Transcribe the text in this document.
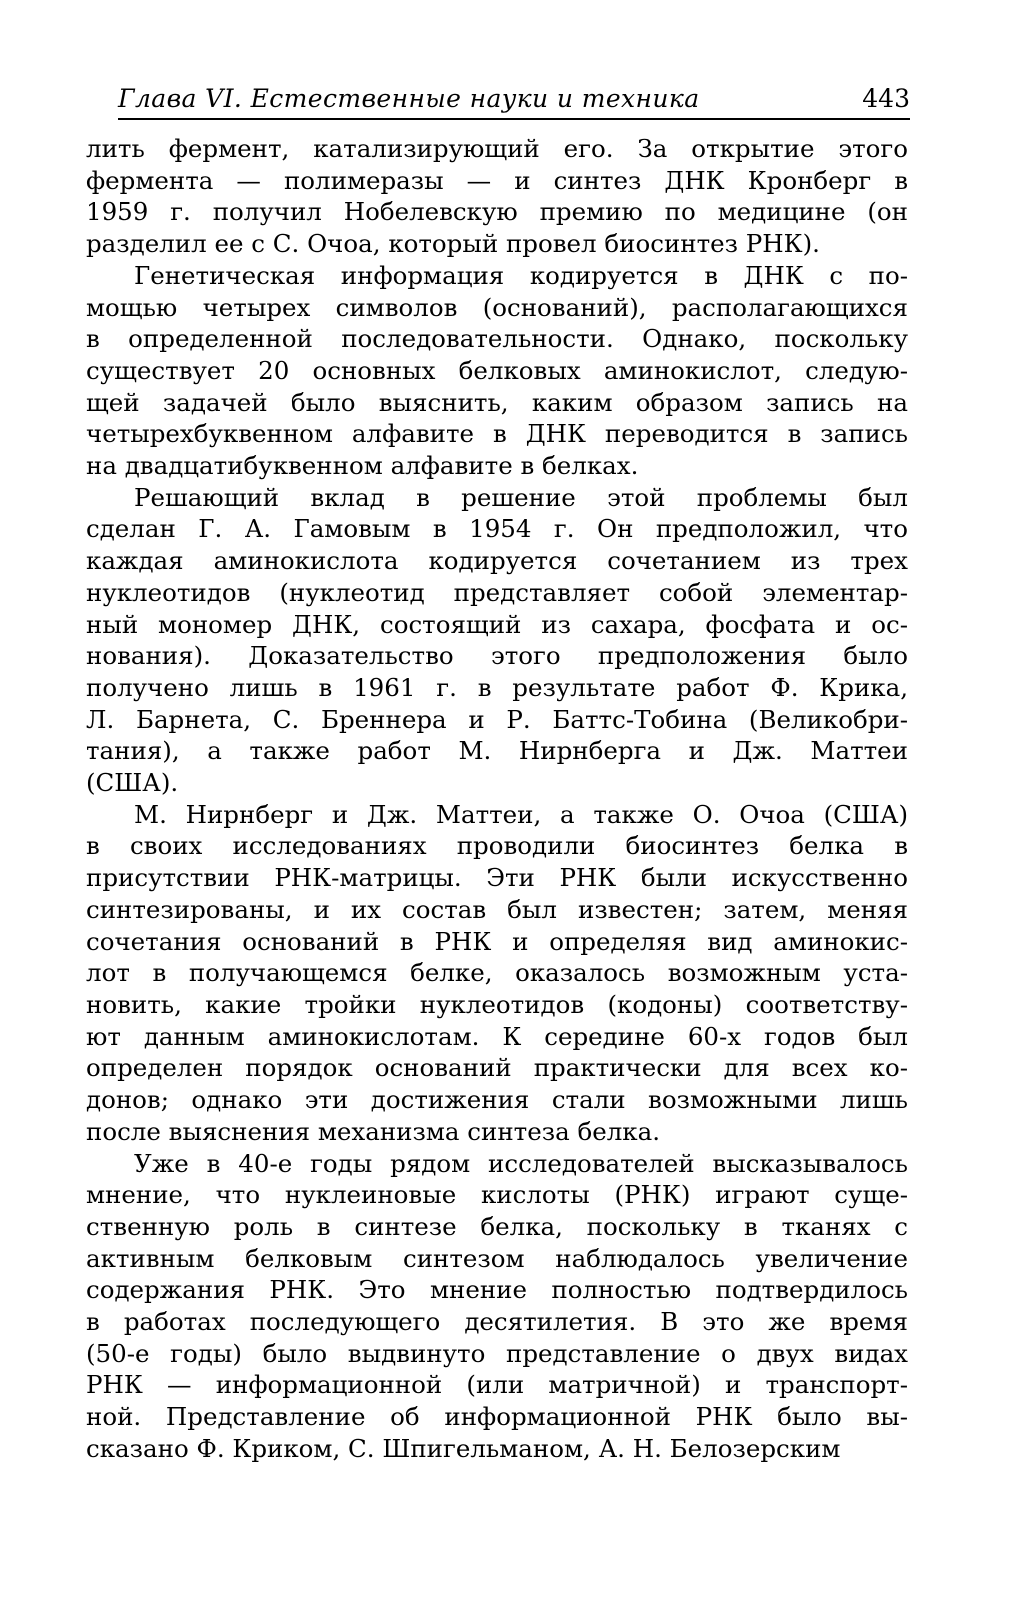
Глава VI. Естественные науки и техника	443
лить фермент, катализирующий его. За открытие этого
фермента — полимеразы — и синтез ДНК Кронберг в
1959 г. получил Нобелевскую премию по медицине (он
разделил ее с С. Очоа, который провел биосинтез РНК).
Генетическая информация кодируется в ДНК с по-
мощью четырех символов (оснований), располагающихся
в определенной последовательности. Однако, поскольку
существует 20 основных белковых аминокислот, следую-
щей задачей было выяснить, каким образом запись на
четырехбуквенном алфавите в ДНК переводится в запись
на двадцатибуквенном алфавите в белках.
Решающий вклад в решение этой проблемы был
сделан Г. А. Гамовым в 1954 г. Он предположил, что
каждая аминокислота кодируется сочетанием из трех
нуклеотидов (нуклеотид представляет собой элементар-
ный мономер ДНК, состоящий из сахара, фосфата и ос-
нования). Доказательство этого предположения было
получено лишь в 1961 г. в результате работ Ф. Крика,
Л. Барнета, С. Бреннера и Р. Баттс-Тобина (Великобри-
тания), а также работ М. Нирнберга и Дж. Маттеи
(США).
М. Нирнберг и Дж. Маттеи, а также О. Очоа (США)
в своих исследованиях проводили биосинтез белка в
присутствии РНК-матрицы. Эти РНК были искусственно
синтезированы, и их состав был известен; затем, меняя
сочетания оснований в РНК и определяя вид аминокис-
лот в получающемся белке, оказалось возможным уста-
новить, какие тройки нуклеотидов (кодоны) соответству-
ют данным аминокислотам. К середине 60-х годов был
определен порядок оснований практически для всех ко-
донов; однако эти достижения стали возможными лишь
после выяснения механизма синтеза белка.
Уже в 40-е годы рядом исследователей высказывалось
мнение, что нуклеиновые кислоты (РНК) играют суще-
ственную роль в синтезе белка, поскольку в тканях с
активным белковым синтезом наблюдалось увеличение
содержания РНК. Это мнение полностью подтвердилось
в работах последующего десятилетия. В это же время
(50-е годы) было выдвинуто представление о двух видах
РНК — информационной (или матричной) и транспорт-
ной. Представление об информационной РНК было вы-
сказано Ф. Криком, С. Шпигельманом, А. Н. Белозерским
